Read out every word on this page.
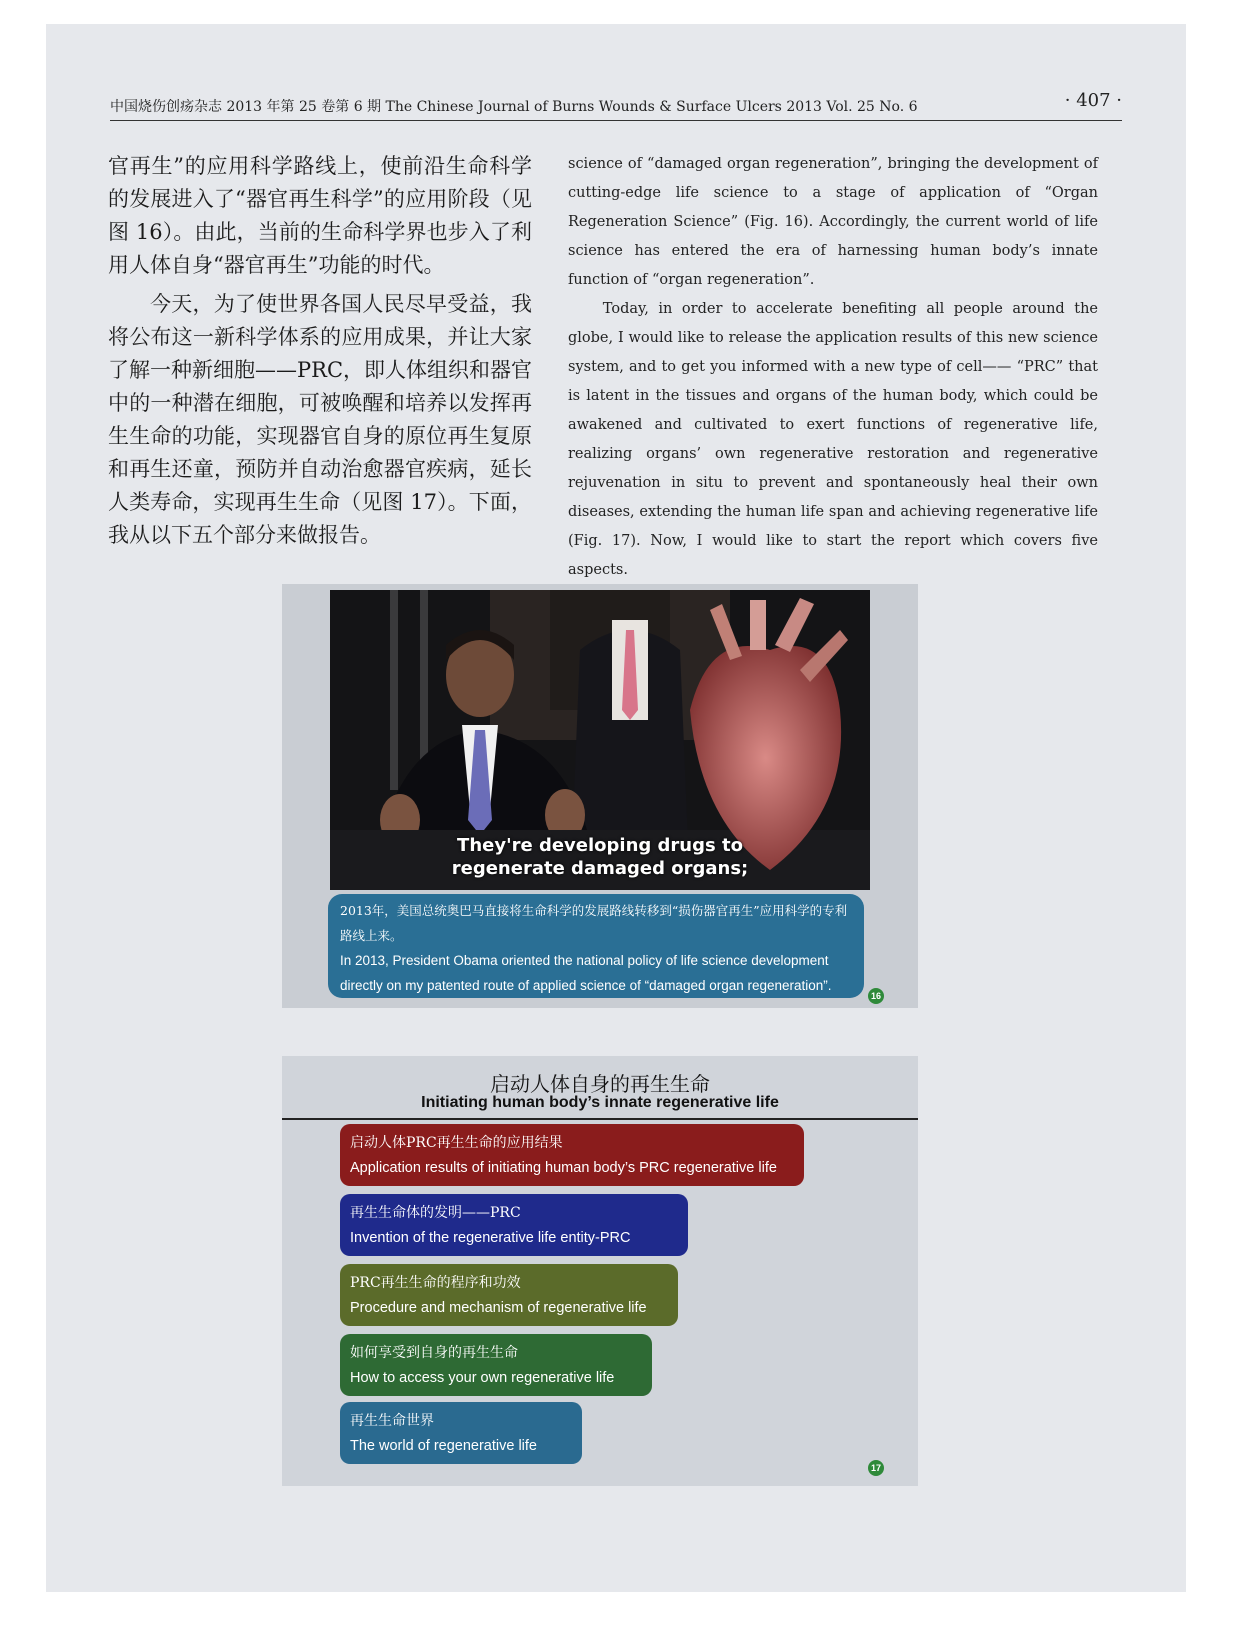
中国烧伤创疡杂志 2013 年第 25 卷第 6 期 The Chinese Journal of Burns Wounds & Surface Ulcers 2013 Vol. 25 No. 6	· 407 ·

官再生”的应用科学路线上，使前沿生命科学的发展进入了“器官再生科学”的应用阶段（见图 16）。由此，当前的生命科学界也步入了利用人体自身“器官再生”功能的时代。

今天，为了使世界各国人民尽早受益，我将公布这一新科学体系的应用成果，并让大家了解一种新细胞——PRC，即人体组织和器官中的一种潜在细胞，可被唤醒和培养以发挥再生生命的功能，实现器官自身的原位再生复原和再生还童，预防并自动治愈器官疾病，延长人类寿命，实现再生生命（见图 17）。下面，我从以下五个部分来做报告。

science of “damaged organ regeneration”, bringing the development of cutting-edge life science to a stage of application of “Organ Regeneration Science” (Fig. 16). Accordingly, the current world of life science has entered the era of harnessing human body’s innate function of “organ regeneration”.

Today, in order to accelerate benefiting all people around the globe, I would like to release the application results of this new science system, and to get you informed with a new type of cell—— “PRC” that is latent in the tissues and organs of the human body, which could be awakened and cultivated to exert functions of regenerative life, realizing organs’ own regenerative restoration and regenerative rejuvenation in situ to prevent and spontaneously heal their own diseases, extending the human life span and achieving regenerative life (Fig. 17). Now, I would like to start the report which covers five aspects.

They're developing drugs to
regenerate damaged organs;
2013年，美国总统奥巴马直接将生命科学的发展路线转移到“损伤器官再生”应用科学的专利路线上来。
In 2013, President Obama oriented the national policy of life science development directly on my patented route of applied science of “damaged organ regeneration”.
16
启动人体自身的再生生命
Initiating human body’s innate regenerative life
启动人体PRC再生生命的应用结果
Application results of initiating human body’s PRC regenerative life
再生生命体的发明——PRC
Invention of the regenerative life entity-PRC
PRC再生生命的程序和功效
Procedure and mechanism of regenerative life
如何享受到自身的再生生命
How to access your own regenerative life
再生生命世界
The world of regenerative life
17
